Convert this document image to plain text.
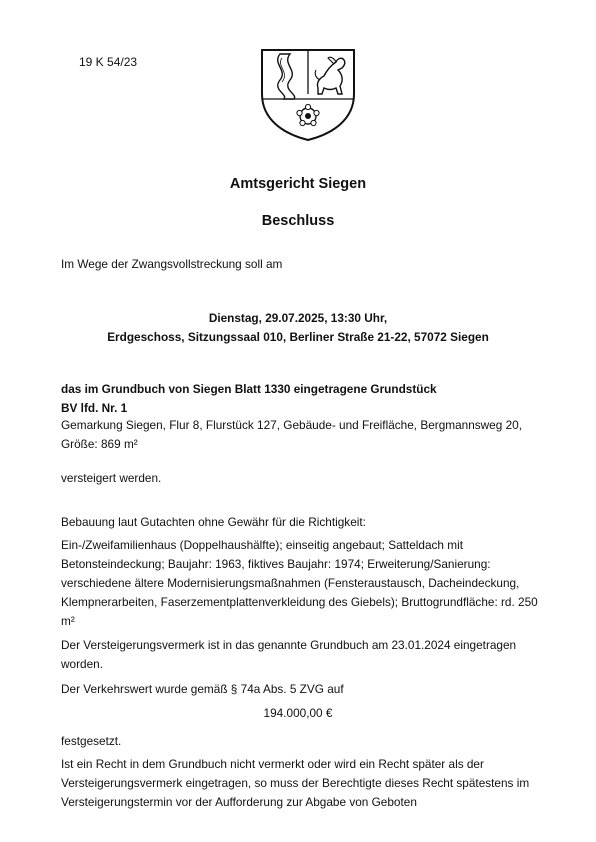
19 K 54/23
Amtsgericht Siegen
Beschluss

Im Wege der Zwangsvollstreckung soll am

Dienstag, 29.07.2025, 13:30 Uhr,
Erdgeschoss, Sitzungssaal 010, Berliner Straße 21-22, 57072 Siegen

das im Grundbuch von Siegen Blatt 1330 eingetragene Grundstück

BV lfd. Nr. 1

Gemarkung Siegen, Flur 8, Flurstück 127, Gebäude- und Freifläche, Bergmannsweg 20, Größe: 869 m²

versteigert werden.

Bebauung laut Gutachten ohne Gewähr für die Richtigkeit:

Ein-/Zweifamilienhaus (Doppelhaushälfte); einseitig angebaut; Satteldach mit Betonsteindeckung; Baujahr: 1963, fiktives Baujahr: 1974; Erweiterung/Sanierung: verschiedene ältere Modernisierungsmaßnahmen (Fensteraustausch, Dacheindeckung, Klempnerarbeiten, Faserzementplattenverkleidung des Giebels); Bruttogrundfläche: rd. 250 m²

Der Versteigerungsvermerk ist in das genannte Grundbuch am 23.01.2024 eingetragen worden.

Der Verkehrswert wurde gemäß § 74a Abs. 5 ZVG auf

194.000,00 €

festgesetzt.

Ist ein Recht in dem Grundbuch nicht vermerkt oder wird ein Recht später als der Versteigerungsvermerk eingetragen, so muss der Berechtigte dieses Recht spätestens im Versteigerungstermin vor der Aufforderung zur Abgabe von Geboten
